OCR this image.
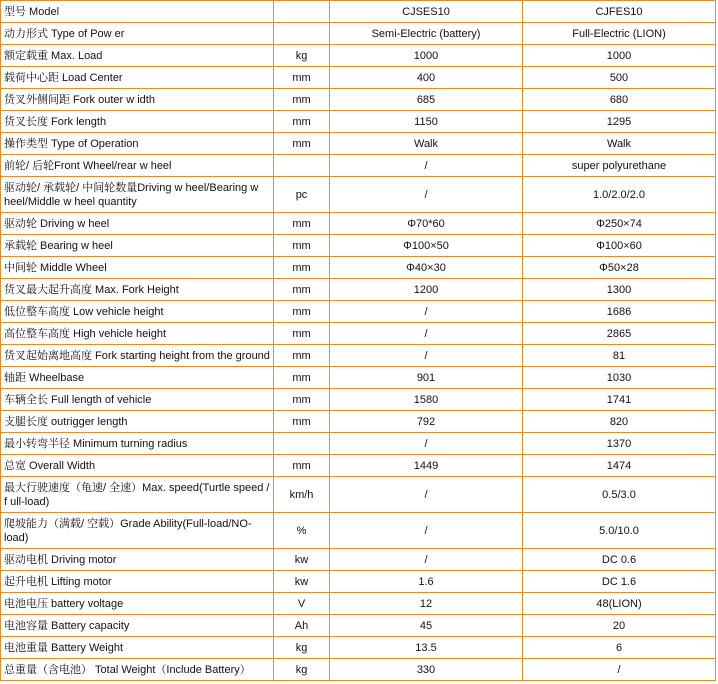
型号 Model		CJSES10	CJFES10
动力形式 Type of Pow er		Semi-Electric (battery)	Full-Electric (LION)
额定载重 Max. Load	kg	1000	1000
载荷中心距 Load Center	mm	400	500
货叉外侧间距 Fork outer w idth	mm	685	680
货叉长度 Fork length	mm	1150	1295
操作类型 Type of Operation	mm	Walk	Walk
前轮/ 后轮Front Wheel/rear w heel		/	super polyurethane
驱动轮/ 承载轮/ 中间轮数量Driving w heel/Bearing w heel/Middle w heel quantity	pc	/	1.0/2.0/2.0
驱动轮 Driving w heel	mm	Φ70*60	Φ250×74
承载轮 Bearing w heel	mm	Φ100×50	Φ100×60
中间轮 Middle Wheel	mm	Φ40×30	Φ50×28
货叉最大起升高度 Max. Fork Height	mm	1200	1300
低位整车高度 Low vehicle height	mm	/	1686
高位整车高度 High vehicle height	mm	/	2865
货叉起始离地高度 Fork starting height from the ground	mm	/	81
轴距 Wheelbase	mm	901	1030
车辆全长 Full length of vehicle	mm	1580	1741
支腿长度 outrigger length	mm	792	820
最小转弯半径 Minimum turning radius		/	1370
总宽 Overall Width	mm	1449	1474
最大行驶速度（龟速/ 全速）Max. speed(Turtle speed / f ull-load)	km/h	/	0.5/3.0
爬坡能力（满载/ 空载）Grade Ability(Full-load/NO-load)	%	/	5.0/10.0
驱动电机 Driving motor	kw	/	DC 0.6
起升电机 Lifting motor	kw	1.6	DC 1.6
电池电压 battery voltage	V	12	48(LION)
电池容量 Battery capacity	Ah	45	20
电池重量 Battery Weight	kg	13.5	6
总重量（含电池） Total Weight（Include Battery）	kg	330	/
